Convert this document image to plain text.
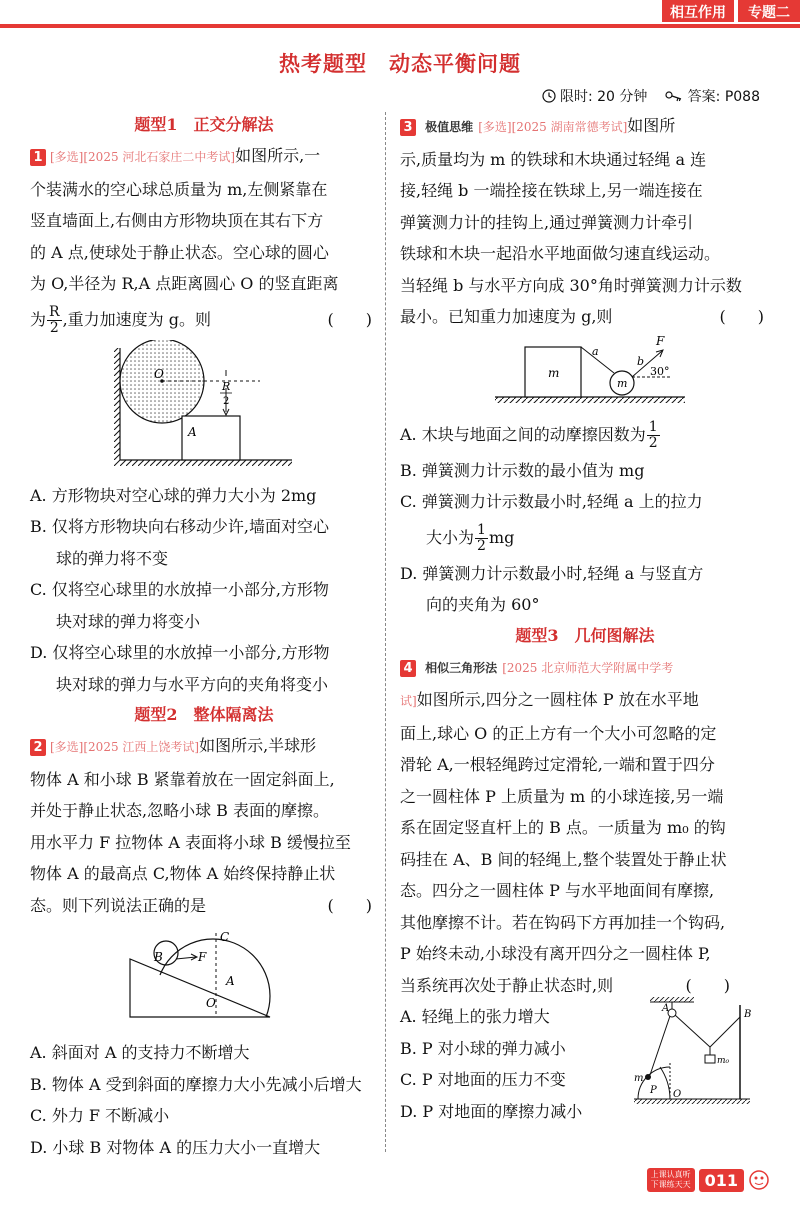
相互作用	专题二
热考题型　动态平衡问题
限时: 20 分钟	答案: P088
题型1　正交分解法
1 [多选][2025 河北石家庄二中考试]如图所示,一
个装满水的空心球总质量为 m,左侧紧靠在
竖直墙面上,右侧由方形物块顶在其右下方
的 A 点,使球处于静止状态。空心球的圆心
为 O,半径为 R,A 点距离圆心 O 的竖直距离
为 $\frac{R}{2}$ ,重力加速度为 g。则	(　　)
O
A
R
2
A. 方形物块对空心球的弹力大小为 2mg
B. 仅将方形物块向右移动少许,墙面对空心
球的弹力将不变
C. 仅将空心球里的水放掉一小部分,方形物
块对球的弹力将变小
D. 仅将空心球里的水放掉一小部分,方形物
块对球的弹力与水平方向的夹角将变小
题型2　整体隔离法
2 [多选][2025 江西上饶考试]如图所示,半球形
物体 A 和小球 B 紧靠着放在一固定斜面上,
并处于静止状态,忽略小球 B 表面的摩擦。
用水平力 F 拉物体 A 表面将小球 B 缓慢拉至
物体 A 的最高点 C,物体 A 始终保持静止状
态。则下列说法正确的是	(　　)
C
B	F
A
O
A. 斜面对 A 的支持力不断增大
B. 物体 A 受到斜面的摩擦力大小先减小后增大
C. 外力 F 不断减小
D. 小球 B 对物体 A 的压力大小一直增大
3 极值思维 [多选][2025 湖南常德考试]如图所
示,质量均为 m 的铁球和木块通过轻绳 a 连
接,轻绳 b 一端拴接在铁球上,另一端连接在
弹簧测力计的挂钩上,通过弹簧测力计牵引
铁球和木块一起沿水平地面做匀速直线运动。
当轻绳 b 与水平方向成 30°角时弹簧测力计示数
最小。已知重力加速度为 g,则	(　　)
m
m
a
b
F
30°
A. 木块与地面之间的动摩擦因数为 $\frac{1}{2}$
B. 弹簧测力计示数的最小值为 mg
C. 弹簧测力计示数最小时,轻绳 a 上的拉力
大小为 $\frac{1}{2}$ mg
D. 弹簧测力计示数最小时,轻绳 a 与竖直方
向的夹角为 60°
题型3　几何图解法
4 相似三角形法 [2025 北京师范大学附属中学考
试]如图所示,四分之一圆柱体 P 放在水平地
面上,球心 O 的正上方有一个大小可忽略的定
滑轮 A,一根轻绳跨过定滑轮,一端和置于四分
之一圆柱体 P 上质量为 m 的小球连接,另一端
系在固定竖直杆上的 B 点。一质量为 m₀ 的钩
码挂在 A、B 间的轻绳上,整个装置处于静止状
态。四分之一圆柱体 P 与水平地面间有摩擦,
其他摩擦不计。若在钩码下方再加挂一个钩码,
P 始终未动,小球没有离开四分之一圆柱体 P,
当系统再次处于静止状态时,则	(　　)
A. 轻绳上的张力增大
B. P 对小球的弹力减小
C. P 对地面的压力不变
D. P 对地面的摩擦力减小
A
B
m₀
m
P O
上课认真听
下课练天天 011
